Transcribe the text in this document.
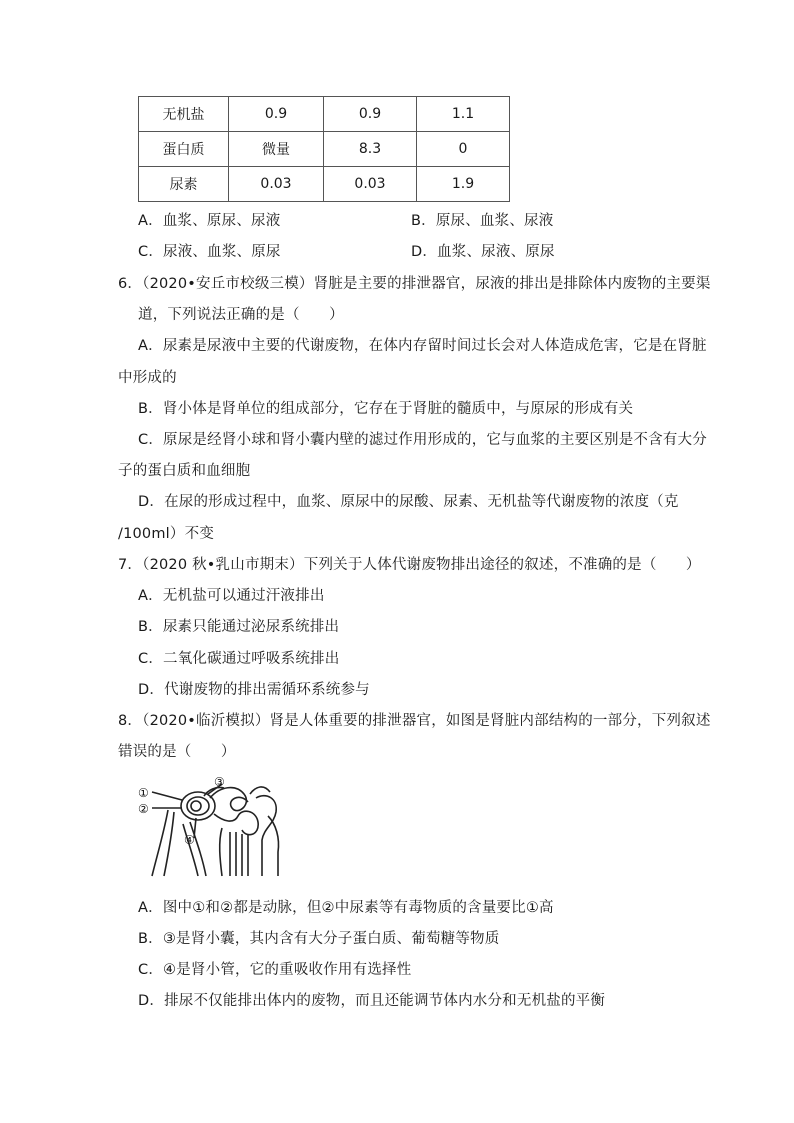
无机盐	0.9	0.9	1.1
蛋白质	微量	8.3	0
尿素	0.03	0.03	1.9
A．血浆、原尿、尿液	B．原尿、血浆、尿液
C．尿液、血浆、原尿	D．血浆、尿液、原尿
6．（2020•安丘市校级三模）肾脏是主要的排泄器官，尿液的排出是排除体内废物的主要渠
道，下列说法正确的是（　　）
A．尿素是尿液中主要的代谢废物，在体内存留时间过长会对人体造成危害，它是在肾脏
中形成的
B．肾小体是肾单位的组成部分，它存在于肾脏的髓质中，与原尿的形成有关
C．原尿是经肾小球和肾小囊内壁的滤过作用形成的，它与血浆的主要区别是不含有大分
子的蛋白质和血细胞
D．在尿的形成过程中，血浆、原尿中的尿酸、尿素、无机盐等代谢废物的浓度（克
/100ml）不变
7．（2020 秋•乳山市期末）下列关于人体代谢废物排出途径的叙述，不准确的是（　　）
A．无机盐可以通过汗液排出
B．尿素只能通过泌尿系统排出
C．二氧化碳通过呼吸系统排出
D．代谢废物的排出需循环系统参与
8．（2020•临沂模拟）肾是人体重要的排泄器官，如图是肾脏内部结构的一部分，下列叙述
错误的是（　　）
①
②
③
④
A．图中①和②都是动脉，但②中尿素等有毒物质的含量要比①高
B．③是肾小囊，其内含有大分子蛋白质、葡萄糖等物质
C．④是肾小管，它的重吸收作用有选择性
D．排尿不仅能排出体内的废物，而且还能调节体内水分和无机盐的平衡
